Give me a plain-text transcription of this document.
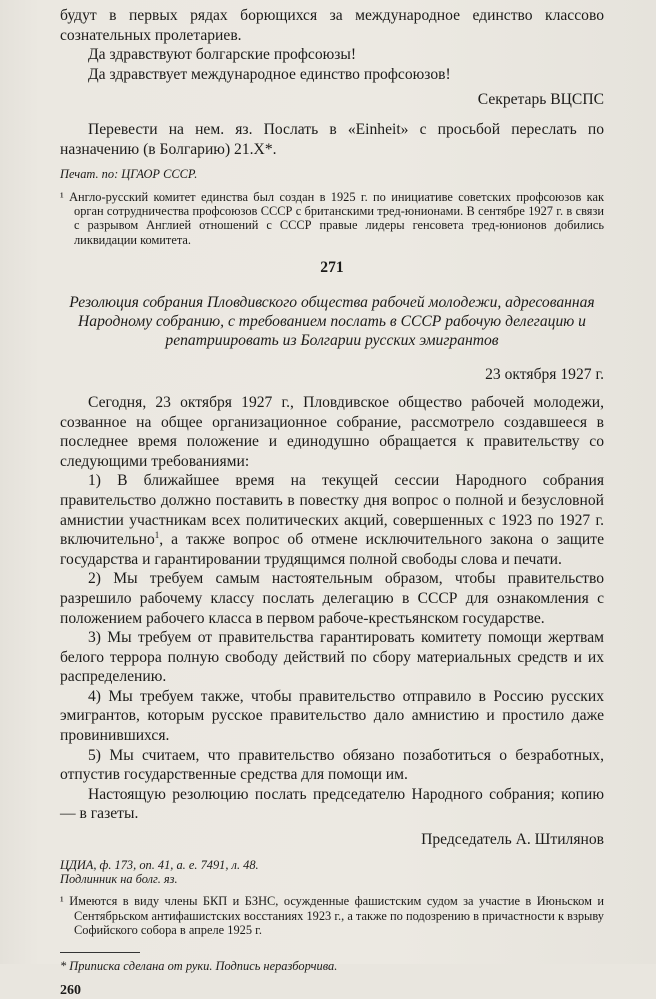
будут в первых рядах борющихся за международное единство классово сознательных пролетариев.

Да здравствуют болгарские профсоюзы!

Да здравствует международное единство профсоюзов!

Секретарь ВЦСПС

Перевести на нем. яз. Послать в «Einheit» с просьбой переслать по назначению (в Болгарию) 21.X*.

Печат. по: ЦГАОР СССР.

¹ Англо-русский комитет единства был создан в 1925 г. по инициативе советских профсоюзов как орган сотрудничества профсоюзов СССР с британскими тред-юнионами. В сентябре 1927 г. в связи с разрывом Англией отношений с СССР правые лидеры генсовета тред-юнионов добились ликвидации комитета.

271

Резолюция собрания Пловдивского общества рабочей молодежи, адресованная Народному собранию, с требованием послать в СССР рабочую делегацию и репатриировать из Болгарии русских эмигрантов

23 октября 1927 г.

Сегодня, 23 октября 1927 г., Пловдивское общество рабочей молодежи, созванное на общее организационное собрание, рассмотрело создавшееся в последнее время положение и единодушно обращается к правительству со следующими требованиями:

1) В ближайшее время на текущей сессии Народного собрания правительство должно поставить в повестку дня вопрос о полной и безусловной амнистии участникам всех политических акций, совершенных с 1923 по 1927 г. включительно$^1$, а также вопрос об отмене исключительного закона о защите государства и гарантировании трудящимся полной свободы слова и печати.

2) Мы требуем самым настоятельным образом, чтобы правительство разрешило рабочему классу послать делегацию в СССР для ознакомления с положением рабочего класса в первом рабоче-крестьянском государстве.

3) Мы требуем от правительства гарантировать комитету помощи жертвам белого террора полную свободу действий по сбору материальных средств и их распределению.

4) Мы требуем также, чтобы правительство отправило в Россию русских эмигрантов, которым русское правительство дало амнистию и простило даже провинившихся.

5) Мы считаем, что правительство обязано позаботиться о безработных, отпустив государственные средства для помощи им.

Настоящую резолюцию послать председателю Народного собрания; копию — в газеты.

Председатель А. Штилянов

ЦДИА, ф. 173, оп. 41, а. е. 7491, л. 48.

Подлинник на болг. яз.

¹ Имеются в виду члены БКП и БЗНС, осужденные фашистским судом за участие в Июньском и Сентябрьском антифашистских восстаниях 1923 г., а также по подозрению в причастности к взрыву Софийского собора в апреле 1925 г.

* Приписка сделана от руки. Подпись неразборчива.

260
